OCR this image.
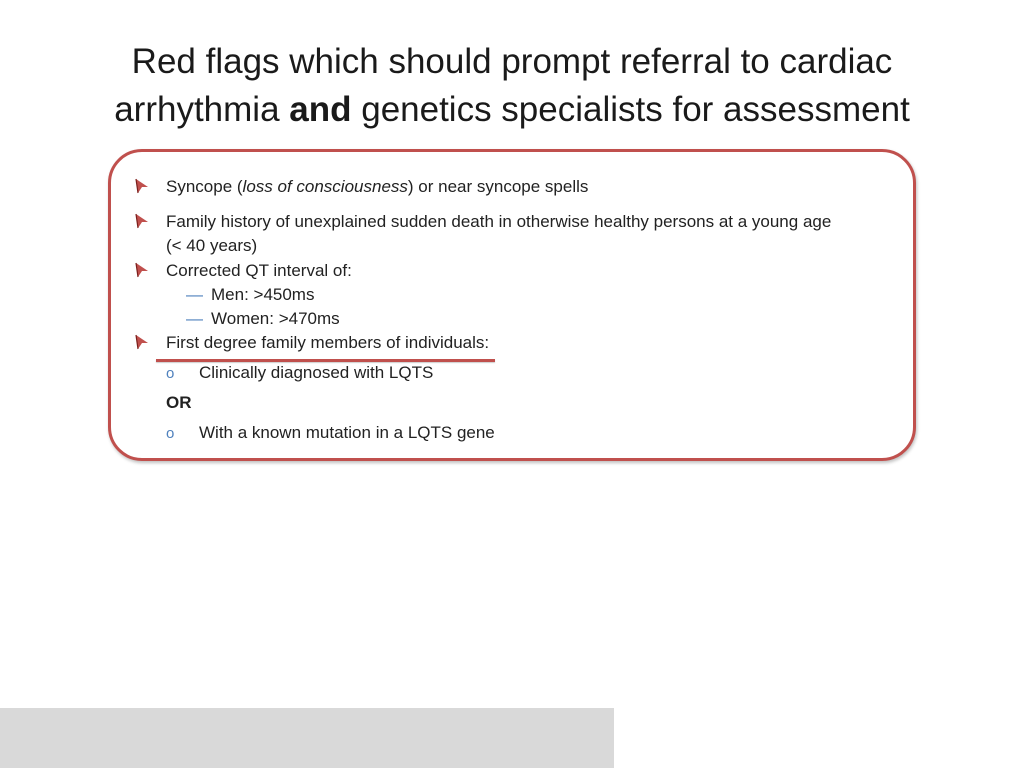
Red flags which should prompt referral to cardiac
arrhythmia and genetics specialists for assessment
Syncope (loss of consciousness) or near syncope spells
Family history of unexplained sudden death in otherwise healthy persons at a young age
(< 40 years)
Corrected QT interval of:
— Men: >450ms
— Women: >470ms
First degree family members of individuals:
o Clinically diagnosed with LQTS
OR
o With a known mutation in a LQTS gene
